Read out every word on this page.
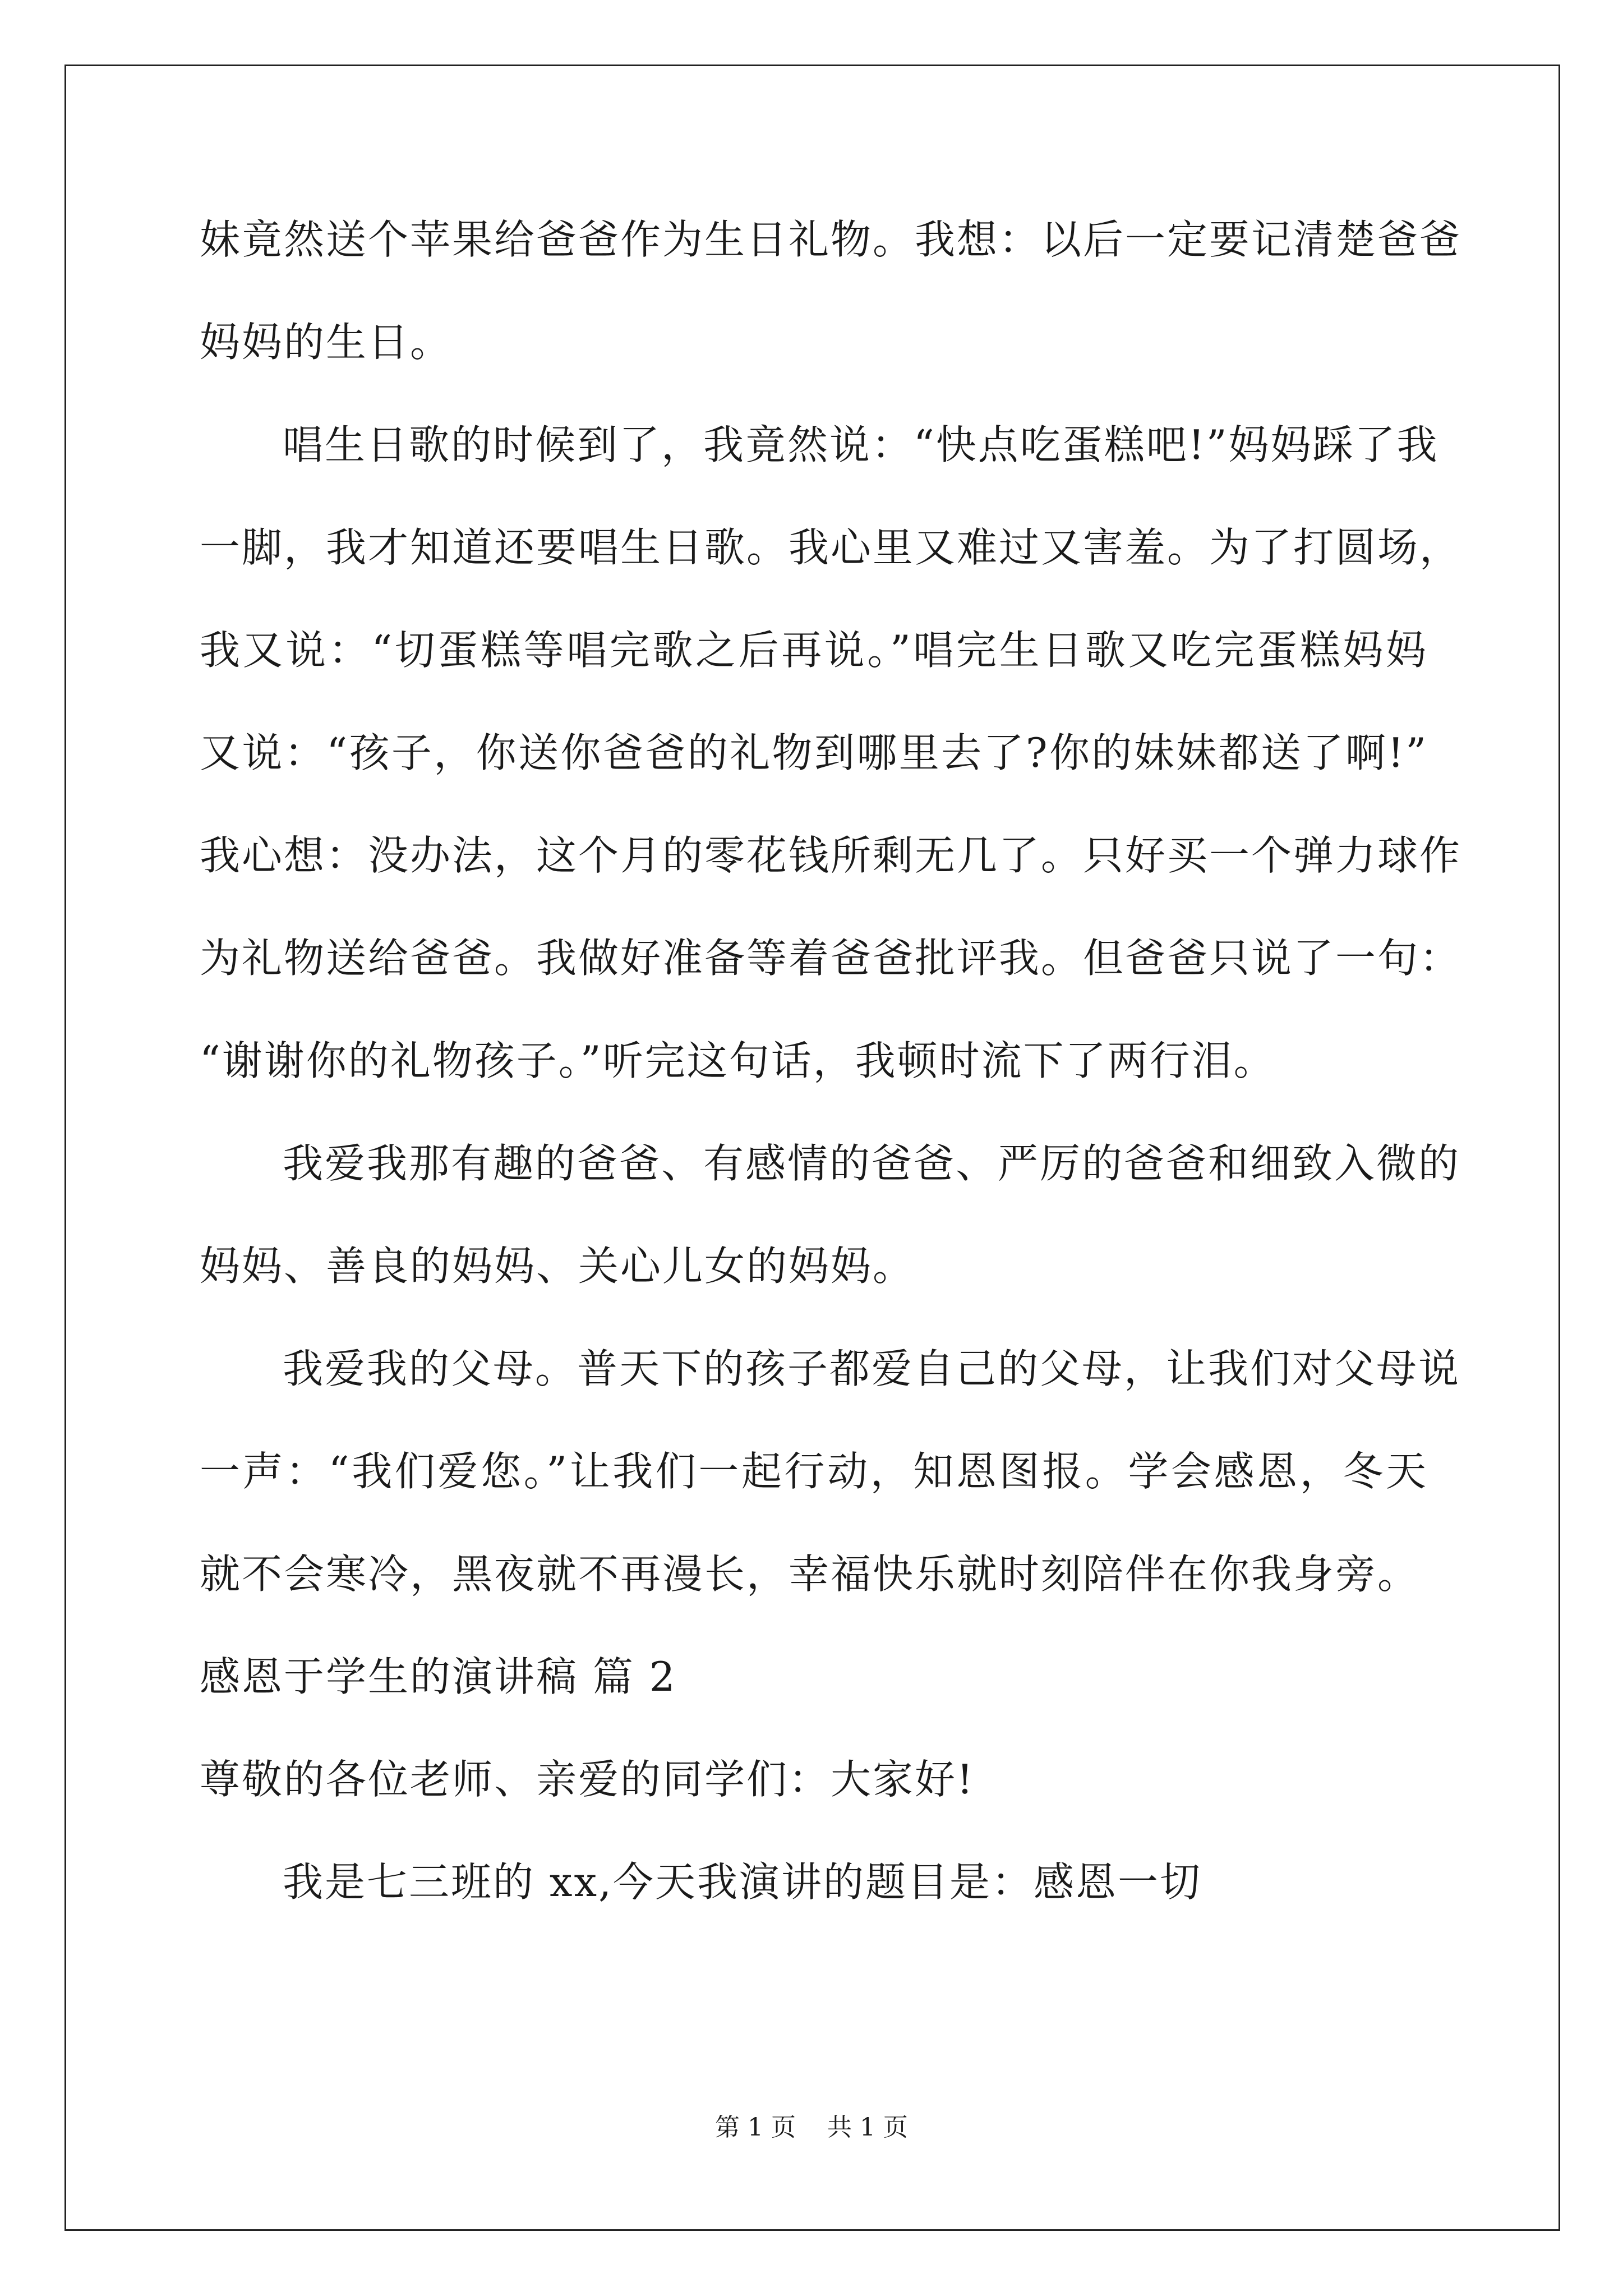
妹竟然送个苹果给爸爸作为生日礼物。我想：以后一定要记清楚爸爸
妈妈的生日。
唱生日歌的时候到了，我竟然说：“快点吃蛋糕吧!”妈妈踩了我
一脚，我才知道还要唱生日歌。我心里又难过又害羞。为了打圆场，
我又说：“切蛋糕等唱完歌之后再说。”唱完生日歌又吃完蛋糕妈妈
又说：“孩子，你送你爸爸的礼物到哪里去了?你的妹妹都送了啊!”
我心想：没办法，这个月的零花钱所剩无几了。只好买一个弹力球作
为礼物送给爸爸。我做好准备等着爸爸批评我。但爸爸只说了一句：
“谢谢你的礼物孩子。”听完这句话，我顿时流下了两行泪。
我爱我那有趣的爸爸、有感情的爸爸、严厉的爸爸和细致入微的
妈妈、善良的妈妈、关心儿女的妈妈。
我爱我的父母。普天下的孩子都爱自己的父母，让我们对父母说
一声：“我们爱您。”让我们一起行动，知恩图报。学会感恩，冬天
就不会寒冷，黑夜就不再漫长，幸福快乐就时刻陪伴在你我身旁。
感恩于学生的演讲稿 篇 2
尊敬的各位老师、亲爱的同学们：大家好!
我是七三班的 xx,今天我演讲的题目是：感恩一切
第 1 页    共 1 页
